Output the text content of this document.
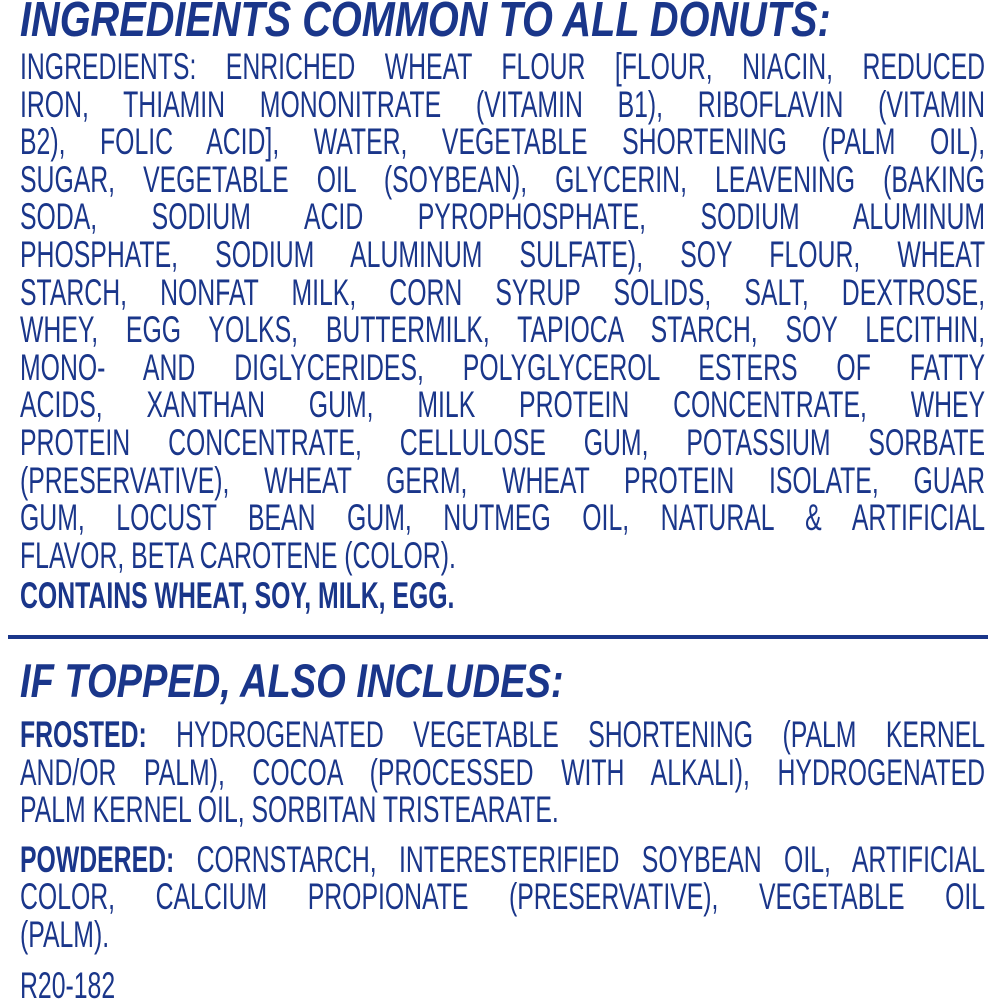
INGREDIENTS COMMON TO ALL DONUTS:
INGREDIENTS: ENRICHED WHEAT FLOUR [FLOUR, NIACIN, REDUCED
IRON, THIAMIN MONONITRATE (VITAMIN B1), RIBOFLAVIN (VITAMIN
B2), FOLIC ACID], WATER, VEGETABLE SHORTENING (PALM OIL),
SUGAR, VEGETABLE OIL (SOYBEAN), GLYCERIN, LEAVENING (BAKING
SODA, SODIUM ACID PYROPHOSPHATE, SODIUM ALUMINUM
PHOSPHATE, SODIUM ALUMINUM SULFATE), SOY FLOUR, WHEAT
STARCH, NONFAT MILK, CORN SYRUP SOLIDS, SALT, DEXTROSE,
WHEY, EGG YOLKS, BUTTERMILK, TAPIOCA STARCH, SOY LECITHIN,
MONO- AND DIGLYCERIDES, POLYGLYCEROL ESTERS OF FATTY
ACIDS, XANTHAN GUM, MILK PROTEIN CONCENTRATE, WHEY
PROTEIN CONCENTRATE, CELLULOSE GUM, POTASSIUM SORBATE
(PRESERVATIVE), WHEAT GERM, WHEAT PROTEIN ISOLATE, GUAR
GUM, LOCUST BEAN GUM, NUTMEG OIL, NATURAL & ARTIFICIAL
FLAVOR, BETA CAROTENE (COLOR).
CONTAINS WHEAT, SOY, MILK, EGG.
IF TOPPED, ALSO INCLUDES:
FROSTED: HYDROGENATED VEGETABLE SHORTENING (PALM KERNEL
AND/OR PALM), COCOA (PROCESSED WITH ALKALI), HYDROGENATED
PALM KERNEL OIL, SORBITAN TRISTEARATE.
POWDERED: CORNSTARCH, INTERESTERIFIED SOYBEAN OIL, ARTIFICIAL
COLOR, CALCIUM PROPIONATE (PRESERVATIVE), VEGETABLE OIL
(PALM).
R20-182
